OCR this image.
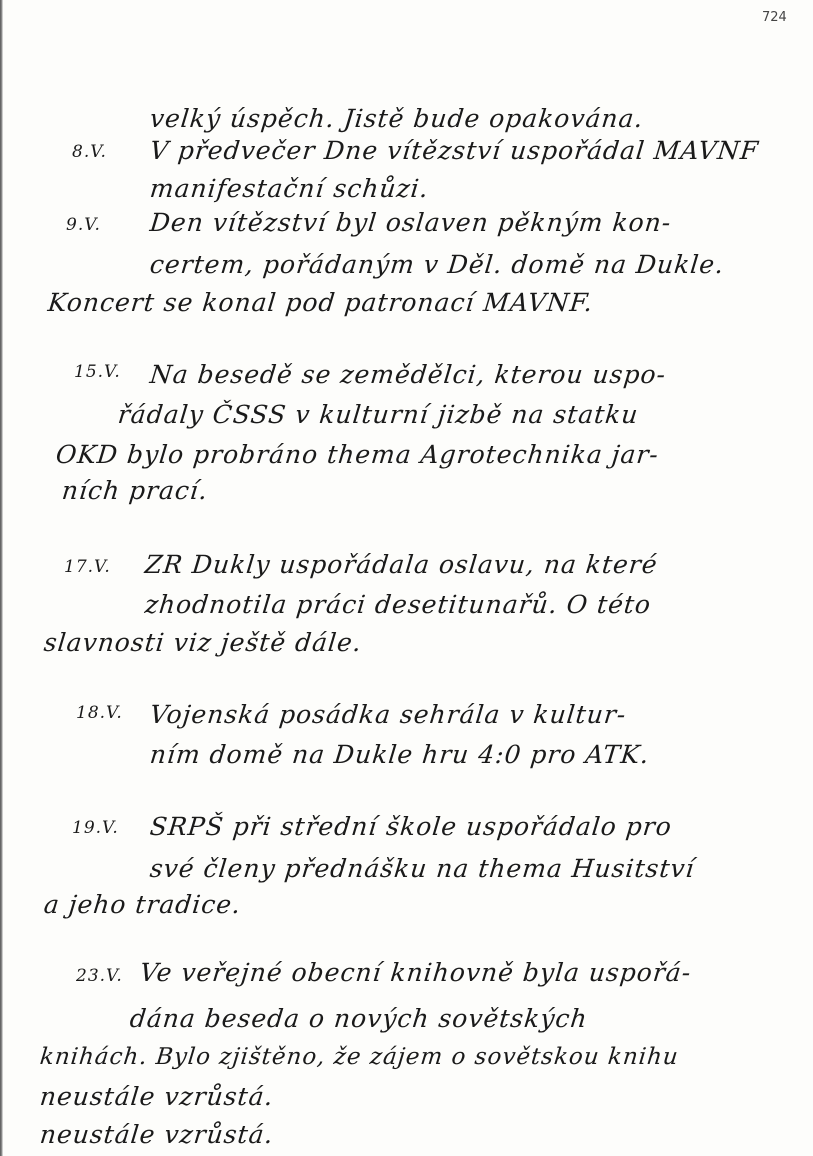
724
velký úspěch. Jistě bude opakována.
8.V. V předvečer Dne vítězství uspořádal MAVNF
manifestační schůzi.
9.V. Den vítězství byl oslaven pěkným kon-
certem, pořádaným v Děl. domě na Dukle.
Koncert se konal pod patronací MAVNF.
15.V. Na besedě se zemědělci, kterou uspo-
řádaly ČSSS v kulturní jizbě na statku
OKD bylo probráno thema Agrotechnika jar-
ních prací.
17.V. ZR Dukly uspořádala oslavu, na které
zhodnotila práci desetitunařů. O této
slavnosti viz ještě dále.
18.V. Vojenská posádka sehrála v kultur-
ním domě na Dukle hru 4:0 pro ATK.
19.V. SRPŠ při střední škole uspořádalo pro
své členy přednášku na thema Husitství
a jeho tradice.
23.V. Ve veřejné obecní knihovně byla uspořá-
dána beseda o nových sovětských
knihách. Bylo zjištěno, že zájem o sovětskou knihu
neustále vzrůstá.
neustále vzrůstá.
